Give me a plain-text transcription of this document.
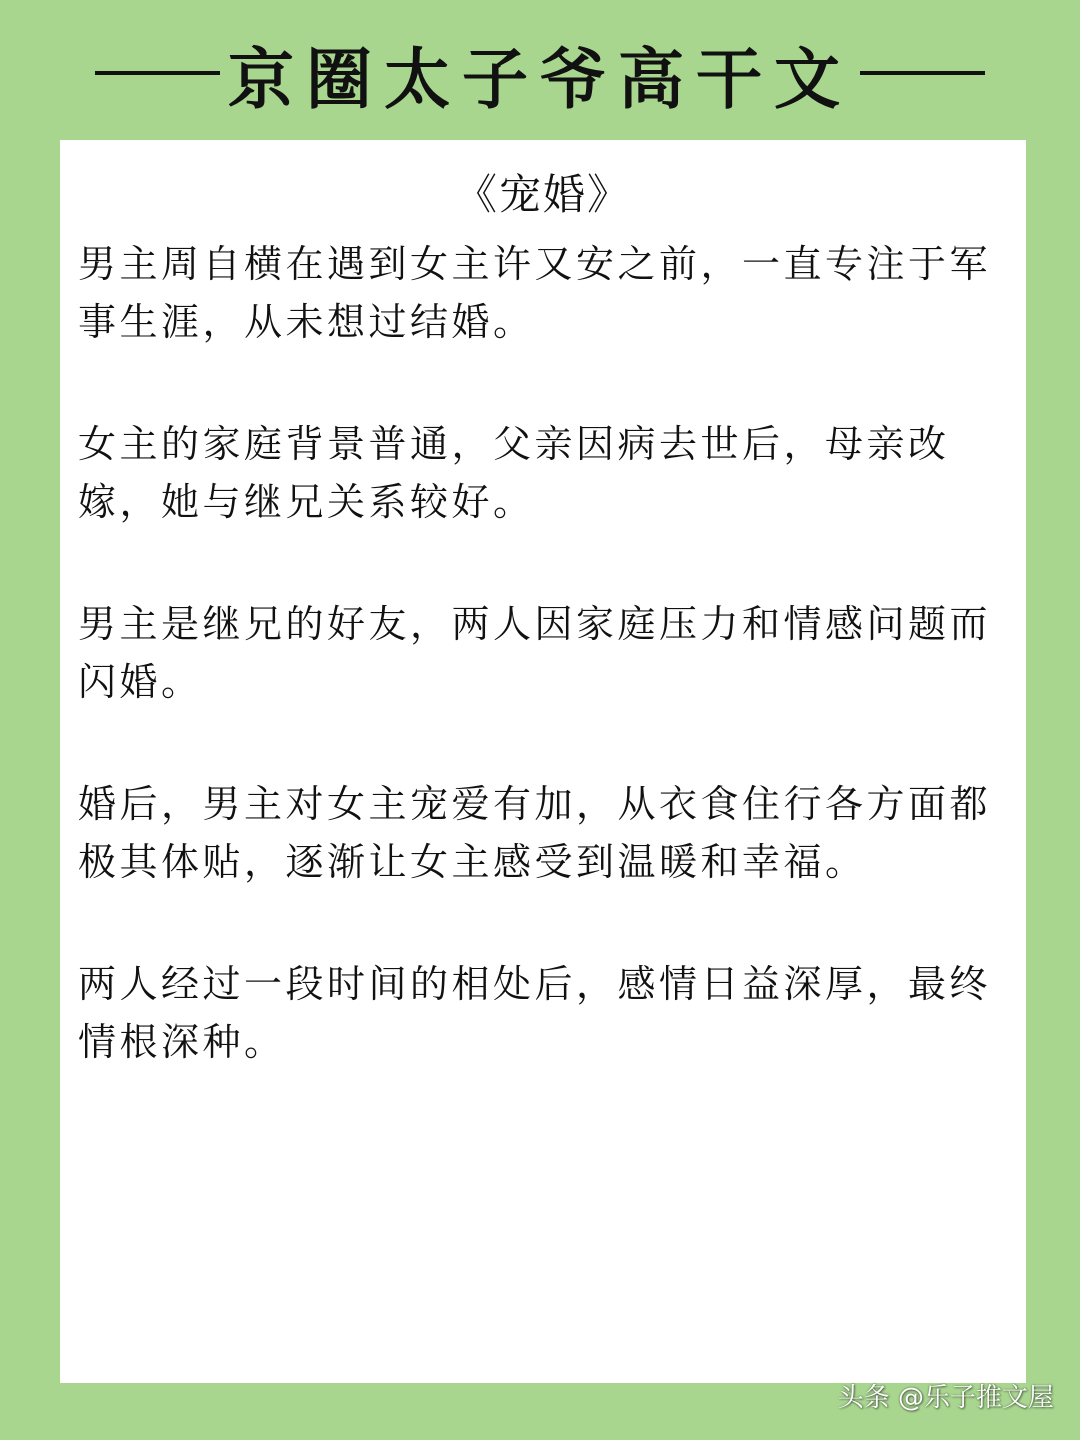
京圈太子爷高干文
《宠婚》

男主周自横在遇到女主许又安之前，一直专注于军事生涯，从未想过结婚。

女主的家庭背景普通，父亲因病去世后，母亲改嫁，她与继兄关系较好。

男主是继兄的好友，两人因家庭压力和情感问题而闪婚。

婚后，男主对女主宠爱有加，从衣食住行各方面都极其体贴，逐渐让女主感受到温暖和幸福。

两人经过一段时间的相处后，感情日益深厚，最终情根深种。

头条 @乐子推文屋
